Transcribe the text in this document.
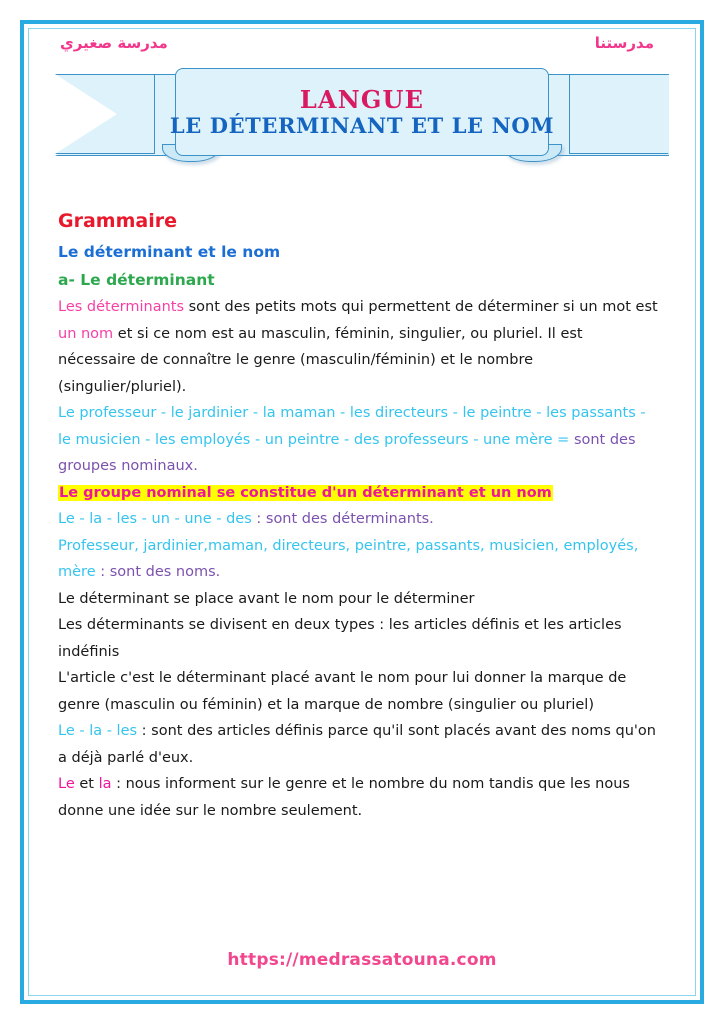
مدرسة صغيري	مدرستنا
LANGUE
LE DÉTERMINANT ET LE NOM

Grammaire

Le déterminant et le nom

a- Le déterminant

Les déterminants sont des petits mots qui permettent de déterminer si un mot est un nom et si ce nom est au masculin, féminin, singulier, ou pluriel. Il est nécessaire de connaître le genre (masculin/féminin) et le nombre (singulier/pluriel).

Le professeur - le jardinier - la maman - les directeurs - le peintre - les passants - le musicien - les employés - un peintre - des professeurs - une mère = sont des groupes nominaux.

Le groupe nominal se constitue d'un déterminant et un nom

Le - la - les - un - une - des : sont des déterminants.

Professeur, jardinier,maman, directeurs, peintre, passants, musicien, employés, mère : sont des noms.

Le déterminant se place avant le nom pour le déterminer

Les déterminants se divisent en deux types : les articles définis et les articles indéfinis

L'article c'est le déterminant placé avant le nom pour lui donner la marque de genre (masculin ou féminin) et la marque de nombre (singulier ou pluriel)

Le - la - les : sont des articles définis parce qu'il sont placés avant des noms qu'on a déjà parlé d'eux.

Le et la : nous informent sur le genre et le nombre du nom tandis que les nous donne une idée sur le nombre seulement.

https://medrassatouna.com
